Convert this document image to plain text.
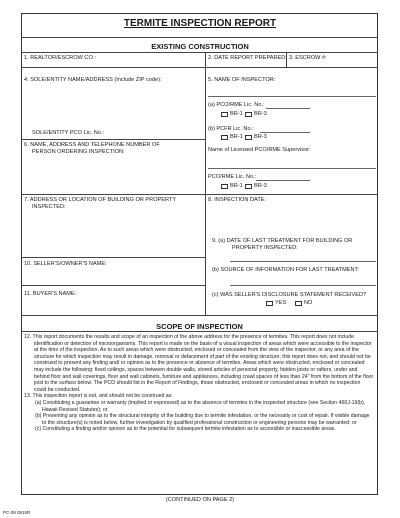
TERMITE INSPECTION REPORT
EXISTING CONSTRUCTION
1. REALTOR/ESCROW CO.:	2. DATE REPORT PREPARED: 3. ESCROW #:
4. SOLE/ENTITY NAME/ADDRESS (Include ZIP code):
SOLE/ENTITY PCO Lic. No.:
6. NAME, ADDRESS AND TELEPHONE NUMBER OF
PERSON ORDERING INSPECTION:
5. NAME OF INSPECTOR:
(a) PCO/RME Lic. No.:
BR-1 BR-3
(b) PCFR Lic. No.:
BR-1 BR-3
Name of Licensed PCO/RME Supervisor:
PCO/RME Lic. No.:
BR-1 BR-3
7. ADDRESS OR LOCATION OF BUILDING OR PROPERTY
INSPECTED:
8. INSPECTION DATE:
9. (a) DATE OF LAST TREATMENT FOR BUILDING OR
PROPERTY INSPECTED:
(b) SOURCE OF INFORMATION FOR LAST TREATMENT:
(c) WAS SELLER'S DISCLOSURE STATEMENT RECEIVED?
YES	NO
10. SELLER'S/OWNER'S NAME:
11. BUYER'S NAME:
SCOPE OF INSPECTION
12. This report documents the results and scope of an inspection of the above address for the presence of termites. This report does not include identification or detection of microorganisms. This report is made on the basis of a visual inspection of areas which were accessible to the inspector at the time of the inspection. As to such areas which were obstructed, enclosed or concealed from the view of the inspector, or any area of the structure for which inspection may result in damage, removal or defacement of part of the existing structure, this report does not, and should not be construed to present any finding and/ or opinion as to the presence or absence of termites. Areas which were obstructed, enclosed or concealed may include the following: fixed ceilings, spaces between double walls, stored articles of personal property, hidden joists or rafters, under and behind floor and wall coverings, floor and wall cabinets, furniture and appliances, including crawl spaces of less than 24" from the bottom of the floor joist to the surface below. The PCO should list in the Report of Findings, those obstructed, enclosed or concealed areas in which no inspection could be conducted.
13. This inspection report is not, and should not be construed as:
(a) Constituting a guarantee or warranty (implied or expressed) as to the absence of termites in the inspected structure (see Section 460J-19(b), Hawaii Revised Statutes); or
(b) Presenting any opinion as to the structural integrity of the building due to termite infestation, or the necessity or cost of repair. If visible damage to the structure(s) is noted below, further investigation by qualified professional construction or engineering persons may be warranted; or
(c) Constituting a finding and/or opinion as to the potential for subsequent termite infestation as to accessible or inaccessible areas.
(CONTINUED ON PAGE 2)
PC-09 0815R
